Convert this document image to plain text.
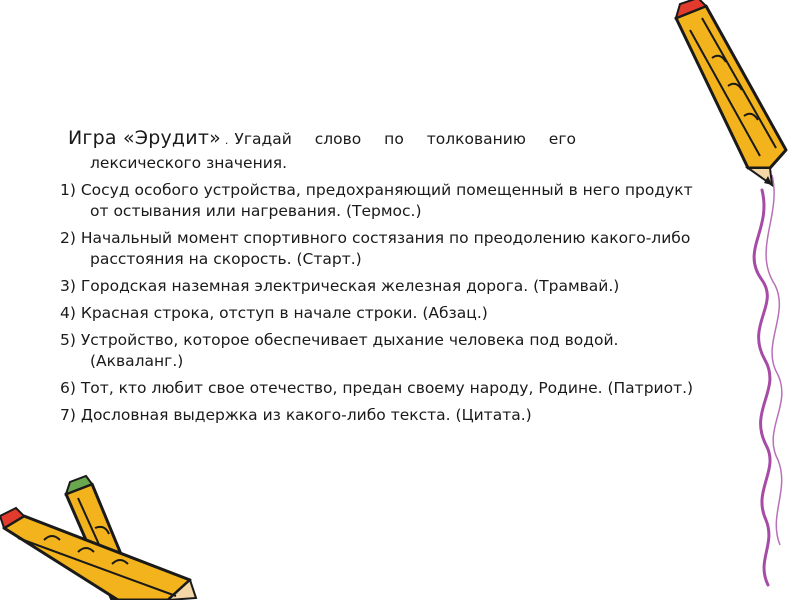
Игра «Эрудит» . Угадай слово по толкованию его
лексического значения.
1) Сосуд особого устройства, предохраняющий помещенный в него продукт от остывания или нагревания. (Термос.)
2) Начальный момент спортивного состязания по преодолению какого-либо расстояния на скорость. (Старт.)
3) Городская наземная электрическая железная дорога. (Трамвай.)
4) Красная строка, отступ в начале строки. (Абзац.)
5) Устройство, которое обеспечивает дыхание человека под водой. (Акваланг.)
6) Тот, кто любит свое отечество, предан своему народу, Родине. (Патриот.)
7) Дословная выдержка из какого-либо текста. (Цитата.)
